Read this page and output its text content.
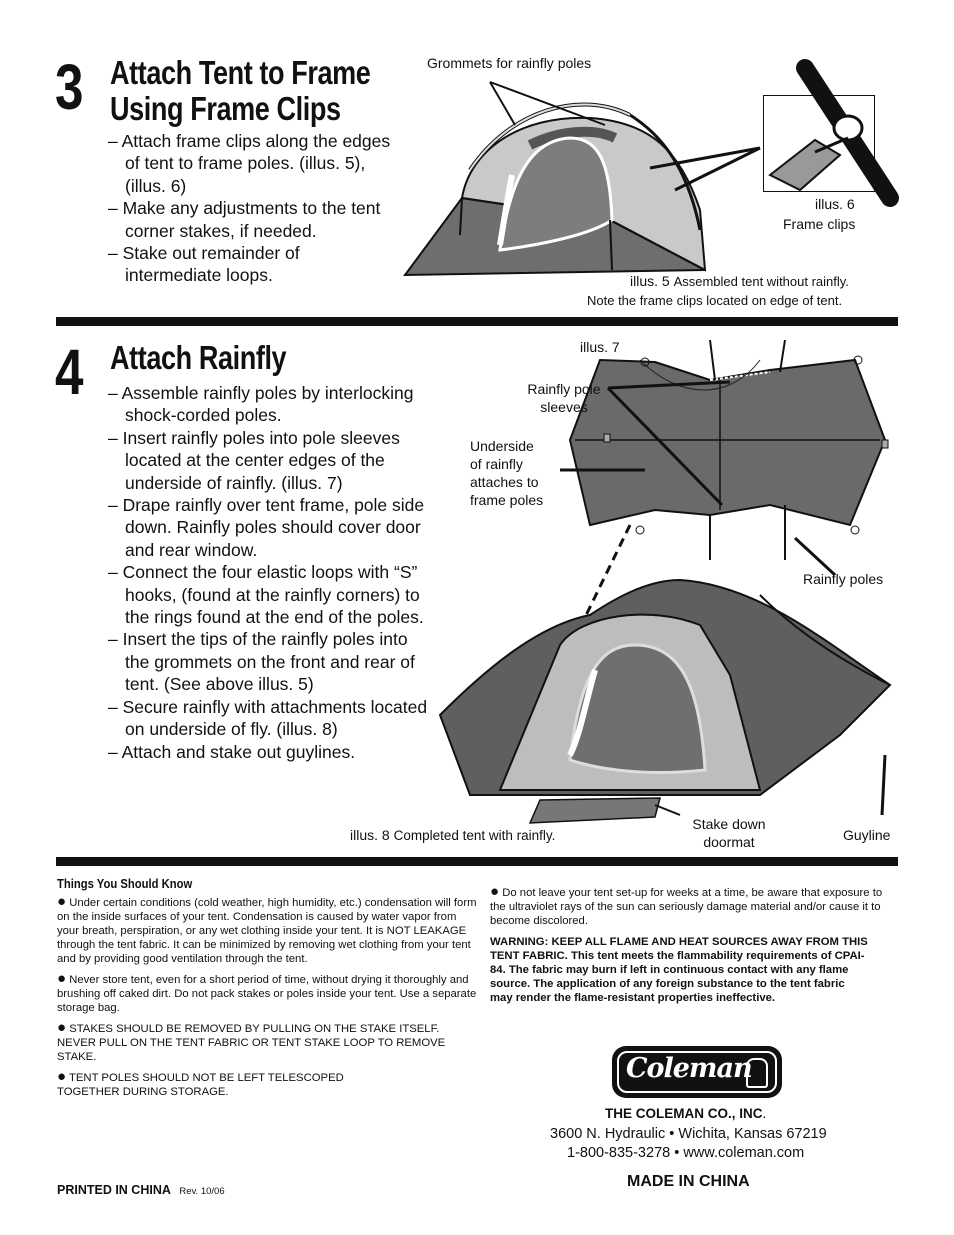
3 Attach Tent to Frame
Using Frame Clips
– Attach frame clips along the edges of tent to frame poles. (illus. 5), (illus. 6)
– Make any adjustments to the tent corner stakes, if needed.
– Stake out remainder of intermediate loops.
Grommets for rainfly poles
illus. 6
Frame clips
illus. 5 Assembled tent without rainfly.
Note the frame clips located on edge of tent.
4 Attach Rainfly
– Assemble rainfly poles by interlocking shock-corded poles.
– Insert rainfly poles into pole sleeves located at the center edges of the underside of rainfly. (illus. 7)
– Drape rainfly over tent frame, pole side down. Rainfly poles should cover door and rear window.
– Connect the four elastic loops with “S” hooks, (found at the rainfly corners) to the rings found at the end of the poles.
– Insert the tips of the rainfly poles into the grommets on the front and rear of tent. (See above illus. 5)
– Secure rainfly with attachments located on underside of fly. (illus. 8)
– Attach and stake out guylines.
illus. 7
Rainfly pole
sleeves
Underside
of rainfly
attaches to
frame poles
Rainfly poles
illus. 8 Completed tent with rainfly.
Stake down
doormat	Guyline
Things You Should Know

● Under certain conditions (cold weather, high humidity, etc.) condensation will form on the inside surfaces of your tent. Condensation is caused by water vapor from your breath, perspiration, or any wet clothing inside your tent. It is NOT LEAKAGE through the tent fabric. It can be minimized by removing wet clothing from your tent and by providing good ventilation through the tent.

● Never store tent, even for a short period of time, without drying it thoroughly and brushing off caked dirt. Do not pack stakes or poles inside your tent. Use a separate storage bag.

● STAKES SHOULD BE REMOVED BY PULLING ON THE STAKE ITSELF. NEVER PULL ON THE TENT FABRIC OR TENT STAKE LOOP TO REMOVE STAKE.

● TENT POLES SHOULD NOT BE LEFT TELESCOPED TOGETHER DURING STORAGE.

● Do not leave your tent set-up for weeks at a time, be aware that exposure to the ultraviolet rays of the sun can seriously damage material and/or cause it to become discolored.

WARNING: KEEP ALL FLAME AND HEAT SOURCES AWAY FROM THIS TENT FABRIC. This tent meets the flammability requirements of CPAI-84. The fabric may burn if left in continuous contact with any flame source. The application of any foreign substance to the tent fabric may render the flame-resistant properties ineffective.
Coleman
THE COLEMAN CO., INC.
3600 N. Hydraulic • Wichita, Kansas 67219
1-800-835-3278 • www.coleman.com
MADE IN CHINA
PRINTED IN CHINA Rev. 10/06
